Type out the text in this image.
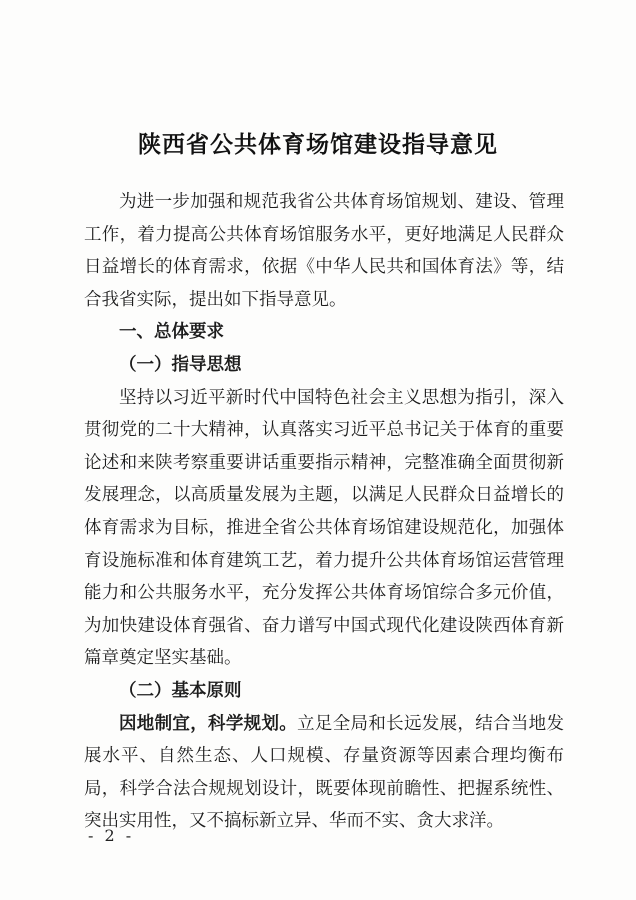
陕西省公共体育场馆建设指导意见

为进一步加强和规范我省公共体育场馆规划、建设、管理工作，着力提高公共体育场馆服务水平，更好地满足人民群众日益增长的体育需求，依据《中华人民共和国体育法》等，结合我省实际，提出如下指导意见。

一、总体要求

（一）指导思想

坚持以习近平新时代中国特色社会主义思想为指引，深入贯彻党的二十大精神，认真落实习近平总书记关于体育的重要论述和来陕考察重要讲话重要指示精神，完整准确全面贯彻新发展理念，以高质量发展为主题，以满足人民群众日益增长的体育需求为目标，推进全省公共体育场馆建设规范化，加强体育设施标准和体育建筑工艺，着力提升公共体育场馆运营管理能力和公共服务水平，充分发挥公共体育场馆综合多元价值，为加快建设体育强省、奋力谱写中国式现代化建设陕西体育新篇章奠定坚实基础。

（二）基本原则

因地制宜，科学规划。立足全局和长远发展，结合当地发展水平、自然生态、人口规模、存量资源等因素合理均衡布局，科学合法合规规划设计，既要体现前瞻性、把握系统性、突出实用性，又不搞标新立异、华而不实、贪大求洋。

- 2 -
